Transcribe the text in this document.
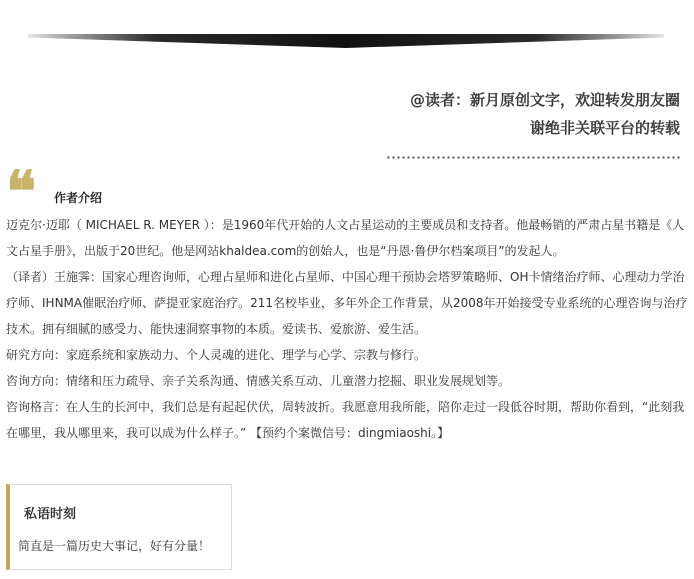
@读者：新月原创文字，欢迎转发朋友圈
谢绝非关联平台的转载
❝ 作者介绍

迈克尔·迈耶（ MICHAEL R. MEYER ）：是1960年代开始的人文占星运动的主要成员和支持者。他最畅销的严肃占星书籍是《人文占星手册》，出版于20世纪。他是网站khaldea.com的创始人，也是“丹恩·鲁伊尔档案项目”的发起人。

（译者）王施霁：国家心理咨询师，心理占星师和进化占星师、中国心理干预协会塔罗策略师、OH卡情绪治疗师、心理动力学治疗师、IHNMA催眠治疗师、萨提亚家庭治疗。211名校毕业，多年外企工作背景，从2008年开始接受专业系统的心理咨询与治疗技术。拥有细腻的感受力、能快速洞察事物的本质。爱读书、爱旅游、爱生活。

研究方向：家庭系统和家族动力、个人灵魂的进化、理学与心学、宗教与修行。

咨询方向：情绪和压力疏导、亲子关系沟通、情感关系互动、儿童潜力挖掘、职业发展规划等。

咨询格言：在人生的长河中，我们总是有起起伏伏，周转波折。我愿意用我所能，陪你走过一段低谷时期，帮助你看到，“此刻我在哪里，我从哪里来，我可以成为什么样子。” 【预约个案微信号：dingmiaoshi。】

私语时刻
简直是一篇历史大事记，好有分量！
